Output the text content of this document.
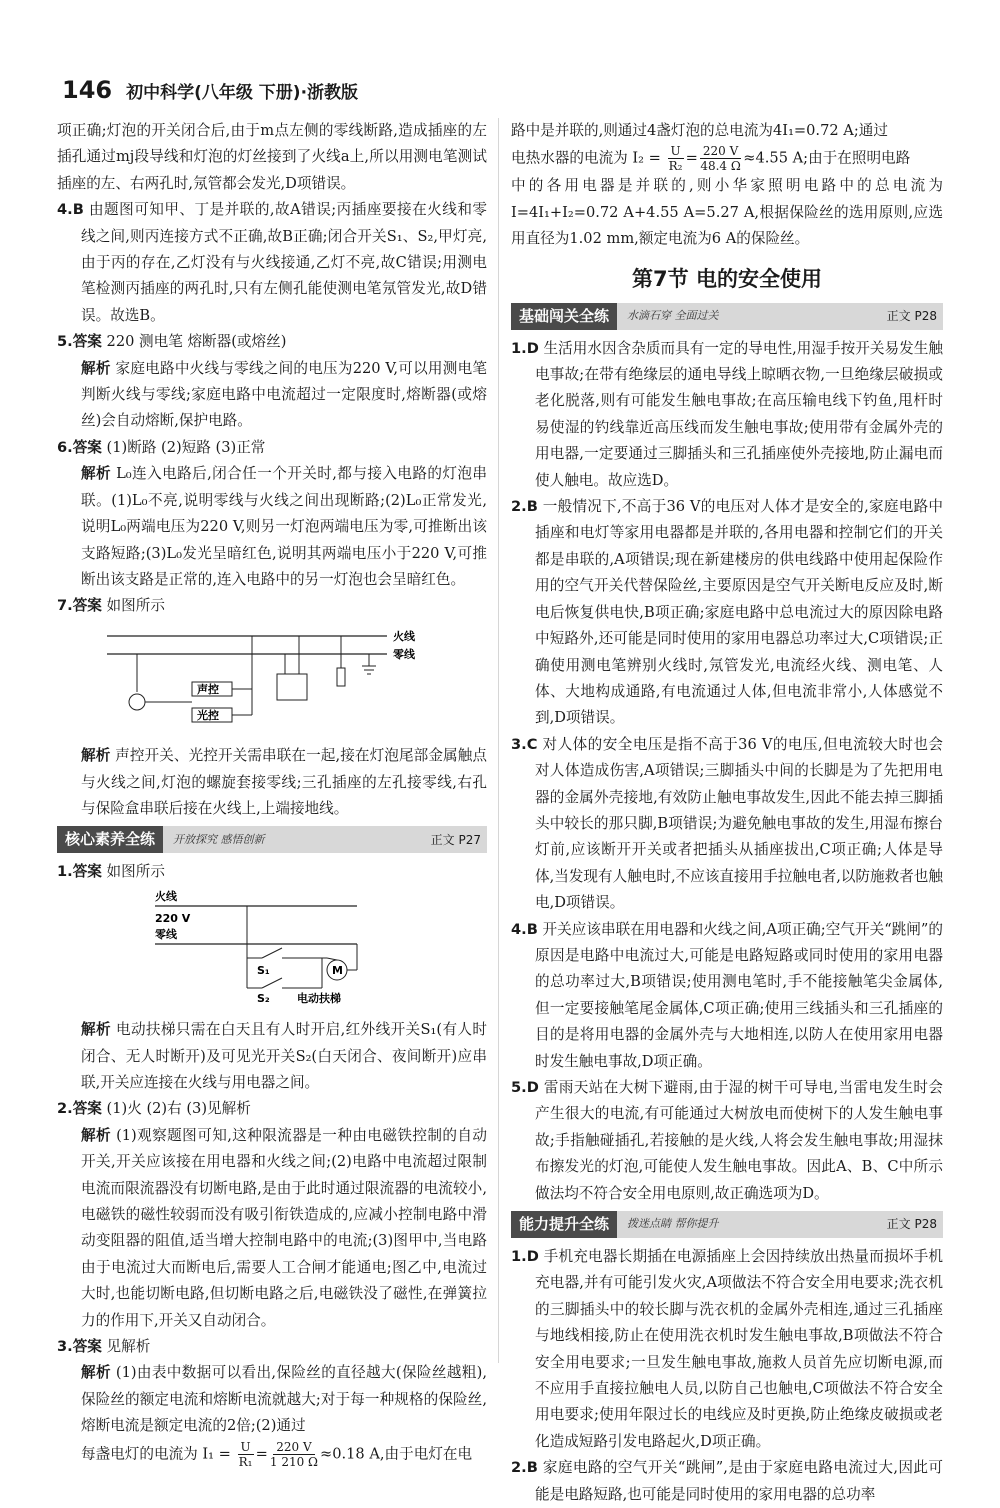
146 初中科学(八年级 下册)·浙教版

项正确;灯泡的开关闭合后,由于m点左侧的零线断路,造成插座的左插孔通过mj段导线和灯泡的灯丝接到了火线a上,所以用测电笔测试插座的左、右两孔时,氖管都会发光,D项错误。

4.B 由题图可知甲、丁是并联的,故A错误;丙插座要接在火线和零线之间,则丙连接方式不正确,故B正确;闭合开关S₁、S₂,甲灯亮,由于丙的存在,乙灯没有与火线接通,乙灯不亮,故C错误;用测电笔检测丙插座的两孔时,只有左侧孔能使测电笔氖管发光,故D错误。故选B。

5.答案 220 测电笔 熔断器(或熔丝)

解析 家庭电路中火线与零线之间的电压为220 V,可以用测电笔判断火线与零线;家庭电路中电流超过一定限度时,熔断器(或熔丝)会自动熔断,保护电路。

6.答案 (1)断路 (2)短路 (3)正常

解析 L₀连入电路后,闭合任一个开关时,都与接入电路的灯泡串联。(1)L₀不亮,说明零线与火线之间出现断路;(2)L₀正常发光,说明L₀两端电压为220 V,则另一灯泡两端电压为零,可推断出该支路短路;(3)L₀发光呈暗红色,说明其两端电压小于220 V,可推断出该支路是正常的,连入电路中的另一灯泡也会呈暗红色。

7.答案 如图所示

火线
零线
声控
光控

解析 声控开关、光控开关需串联在一起,接在灯泡尾部金属触点与火线之间,灯泡的螺旋套接零线;三孔插座的左孔接零线,右孔与保险盒串联后接在火线上,上端接地线。

核心素养全练	开放探究 感悟创新	正文 P27

1.答案 如图所示

火线
220 V
零线
S₁	M
S₂ 电动扶梯

解析 电动扶梯只需在白天且有人时开启,红外线开关S₁(有人时闭合、无人时断开)及可见光开关S₂(白天闭合、夜间断开)应串联,开关应连接在火线与用电器之间。

2.答案 (1)火 (2)右 (3)见解析

解析 (1)观察题图可知,这种限流器是一种由电磁铁控制的自动开关,开关应该接在用电器和火线之间;(2)电路中电流超过限制电流而限流器没有切断电路,是由于此时通过限流器的电流较小,电磁铁的磁性较弱而没有吸引衔铁造成的,应减小控制电路中滑动变阻器的阻值,适当增大控制电路中的电流;(3)图甲中,当电路由于电流过大而断电后,需要人工合闸才能通电;图乙中,电流过大时,也能切断电路,但切断电路之后,电磁铁没了磁性,在弹簧拉力的作用下,开关又自动闭合。

3.答案 见解析

解析 (1)由表中数据可以看出,保险丝的直径越大(保险丝越粗),保险丝的额定电流和熔断电流就越大;对于每一种规格的保险丝,熔断电流是额定电流的2倍;(2)通过

每盏电灯的电流为 $I_1 = \frac{U}{\text{R₁}} = \frac{220 V}{1 210 \Omega} \approx 0.18$ A,由于电灯在电

路中是并联的,则通过4盏灯泡的总电流为4I₁=0.72 A;通过

电热水器的电流为 $I_2 = \frac{U}{\text{R₂}} = \frac{220 V}{48.4 \Omega} \approx 4.55$ A;由于在照明电路

中的各用电器是并联的,则小华家照明电路中的总电流为I=4I₁+I₂=0.72 A+4.55 A=5.27 A,根据保险丝的选用原则,应选用直径为1.02 mm,额定电流为6 A的保险丝。

第7节 电的安全使用
基础闯关全练	水滴石穿 全面过关	正文 P28

1.D 生活用水因含杂质而具有一定的导电性,用湿手按开关易发生触电事故;在带有绝缘层的通电导线上晾晒衣物,一旦绝缘层破损或老化脱落,则有可能发生触电事故;在高压输电线下钓鱼,甩杆时易使湿的钓线靠近高压线而发生触电事故;使用带有金属外壳的用电器,一定要通过三脚插头和三孔插座使外壳接地,防止漏电而使人触电。故应选D。

2.B 一般情况下,不高于36 V的电压对人体才是安全的,家庭电路中插座和电灯等家用电器都是并联的,各用电器和控制它们的开关都是串联的,A项错误;现在新建楼房的供电线路中使用起保险作用的空气开关代替保险丝,主要原因是空气开关断电反应及时,断电后恢复供电快,B项正确;家庭电路中总电流过大的原因除电路中短路外,还可能是同时使用的家用电器总功率过大,C项错误;正确使用测电笔辨别火线时,氖管发光,电流经火线、测电笔、人体、大地构成通路,有电流通过人体,但电流非常小,人体感觉不到,D项错误。

3.C 对人体的安全电压是指不高于36 V的电压,但电流较大时也会对人体造成伤害,A项错误;三脚插头中间的长脚是为了先把用电器的金属外壳接地,有效防止触电事故发生,因此不能去掉三脚插头中较长的那只脚,B项错误;为避免触电事故的发生,用湿布擦台灯前,应该断开开关或者把插头从插座拔出,C项正确;人体是导体,当发现有人触电时,不应该直接用手拉触电者,以防施救者也触电,D项错误。

4.B 开关应该串联在用电器和火线之间,A项正确;空气开关“跳闸”的原因是电路中电流过大,可能是电路短路或同时使用的家用电器的总功率过大,B项错误;使用测电笔时,手不能接触笔尖金属体,但一定要接触笔尾金属体,C项正确;使用三线插头和三孔插座的目的是将用电器的金属外壳与大地相连,以防人在使用家用电器时发生触电事故,D项正确。

5.D 雷雨天站在大树下避雨,由于湿的树干可导电,当雷电发生时会产生很大的电流,有可能通过大树放电而使树下的人发生触电事故;手指触碰插孔,若接触的是火线,人将会发生触电事故;用湿抹布擦发光的灯泡,可能使人发生触电事故。因此A、B、C中所示做法均不符合安全用电原则,故正确选项为D。

能力提升全练	拨迷点睛 帮你提升	正文 P28

1.D 手机充电器长期插在电源插座上会因持续放出热量而损坏手机充电器,并有可能引发火灾,A项做法不符合安全用电要求;洗衣机的三脚插头中的较长脚与洗衣机的金属外壳相连,通过三孔插座与地线相接,防止在使用洗衣机时发生触电事故,B项做法不符合安全用电要求;一旦发生触电事故,施救人员首先应切断电源,而不应用手直接拉触电人员,以防自己也触电,C项做法不符合安全用电要求;使用年限过长的电线应及时更换,防止绝缘皮破损或老化造成短路引发电路起火,D项正确。

2.B 家庭电路的空气开关“跳闸”,是由于家庭电路电流过大,因此可能是电路短路,也可能是同时使用的家用电器的总功率
